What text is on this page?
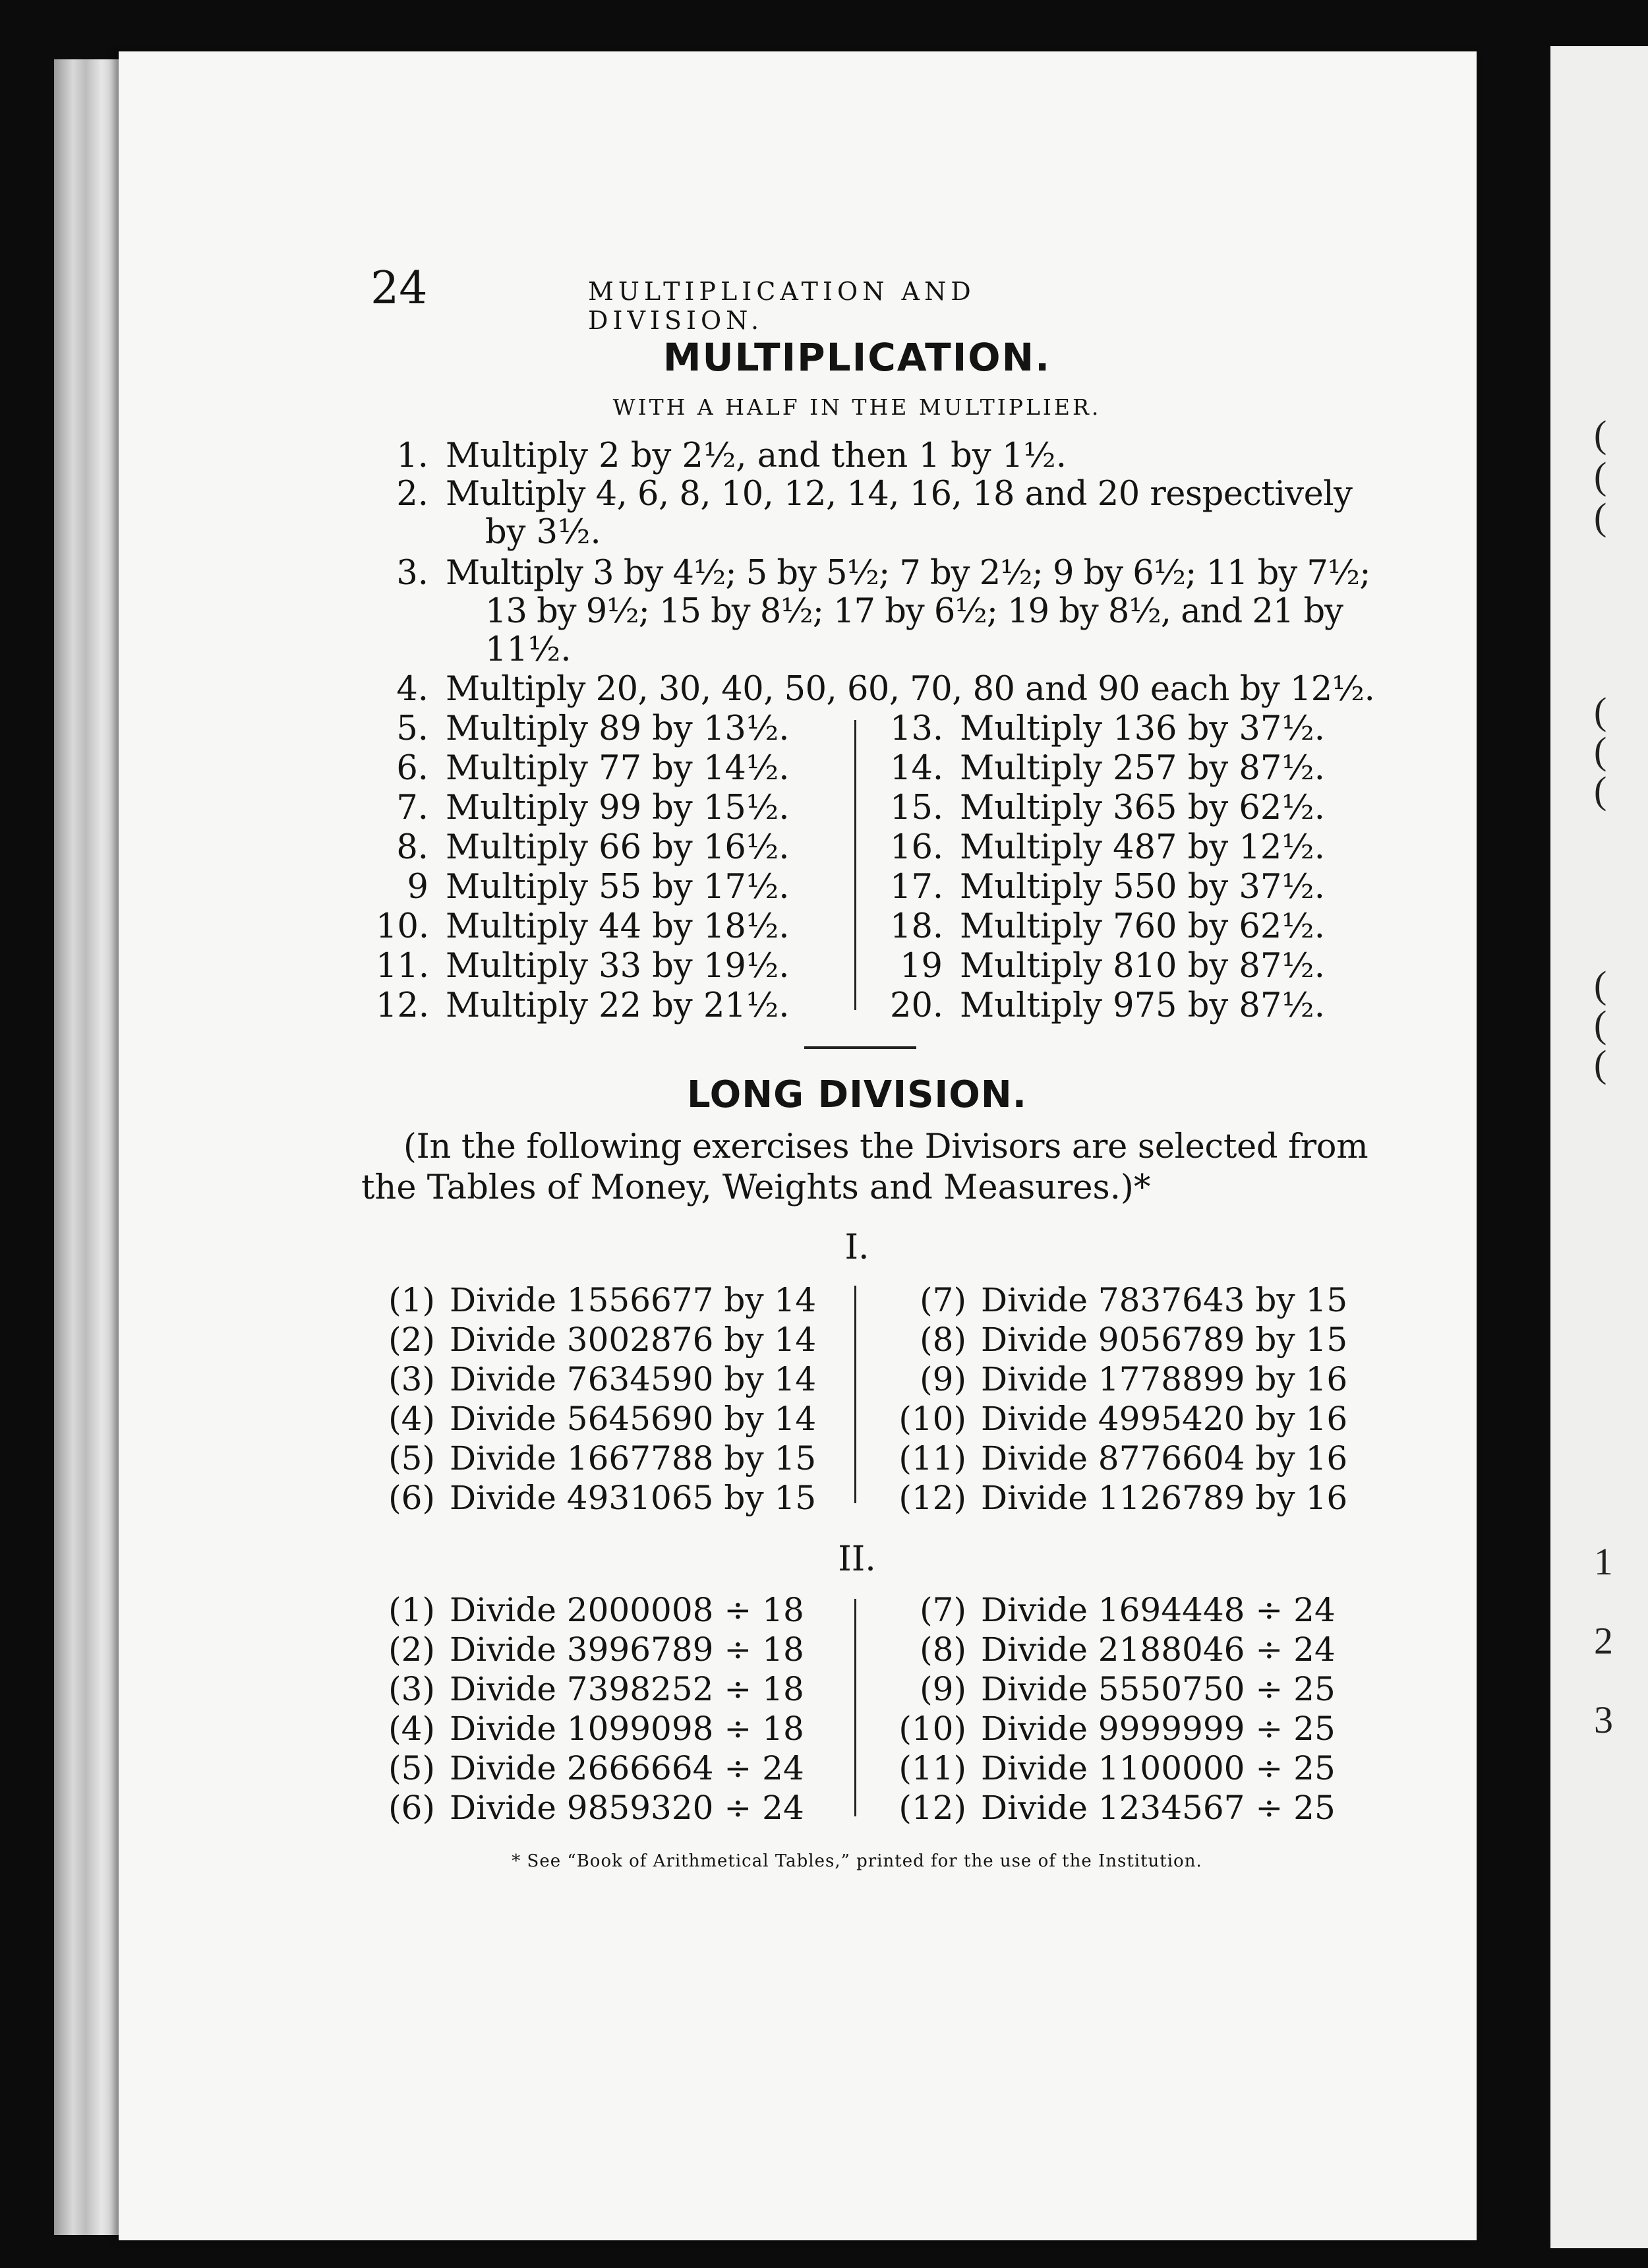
(
(
(
(
(
(
(
(
(
1
2
3
24	MULTIPLICATION AND DIVISION.
MULTIPLICATION.
WITH A HALF IN THE MULTIPLIER.
1. Multiply 2 by 2½, and then 1 by 1½.
2. Multiply 4, 6, 8, 10, 12, 14, 16, 18 and 20 respectively
by 3½.
3. Multiply 3 by 4½; 5 by 5½; 7 by 2½; 9 by 6½; 11 by 7½;
13 by 9½; 15 by 8½; 17 by 6½; 19 by 8½, and 21 by
11½.
4. Multiply 20, 30, 40, 50, 60, 70, 80 and 90 each by 12½.
5. Multiply 89 by 13½.
6. Multiply 77 by 14½.
7. Multiply 99 by 15½.
8. Multiply 66 by 16½.
9 Multiply 55 by 17½.
10. Multiply 44 by 18½.
11. Multiply 33 by 19½.
12. Multiply 22 by 21½.
13. Multiply 136 by 37½.
14. Multiply 257 by 87½.
15. Multiply 365 by 62½.
16. Multiply 487 by 12½.
17. Multiply 550 by 37½.
18. Multiply 760 by 62½.
19 Multiply 810 by 87½.
20. Multiply 975 by 87½.
LONG DIVISION.
(In the following exercises the Divisors are selected from
the Tables of Money, Weights and Measures.)*
I.
(1) Divide 1556677 by 14
(2) Divide 3002876 by 14
(3) Divide 7634590 by 14
(4) Divide 5645690 by 14
(5) Divide 1667788 by 15
(6) Divide 4931065 by 15
(7) Divide 7837643 by 15
(8) Divide 9056789 by 15
(9) Divide 1778899 by 16
(10) Divide 4995420 by 16
(11) Divide 8776604 by 16
(12) Divide 1126789 by 16
II.
(1) Divide 2000008 ÷ 18
(2) Divide 3996789 ÷ 18
(3) Divide 7398252 ÷ 18
(4) Divide 1099098 ÷ 18
(5) Divide 2666664 ÷ 24
(6) Divide 9859320 ÷ 24
(7) Divide 1694448 ÷ 24
(8) Divide 2188046 ÷ 24
(9) Divide 5550750 ÷ 25
(10) Divide 9999999 ÷ 25
(11) Divide 1100000 ÷ 25
(12) Divide 1234567 ÷ 25
* See “Book of Arithmetical Tables,” printed for the use of the Institution.
